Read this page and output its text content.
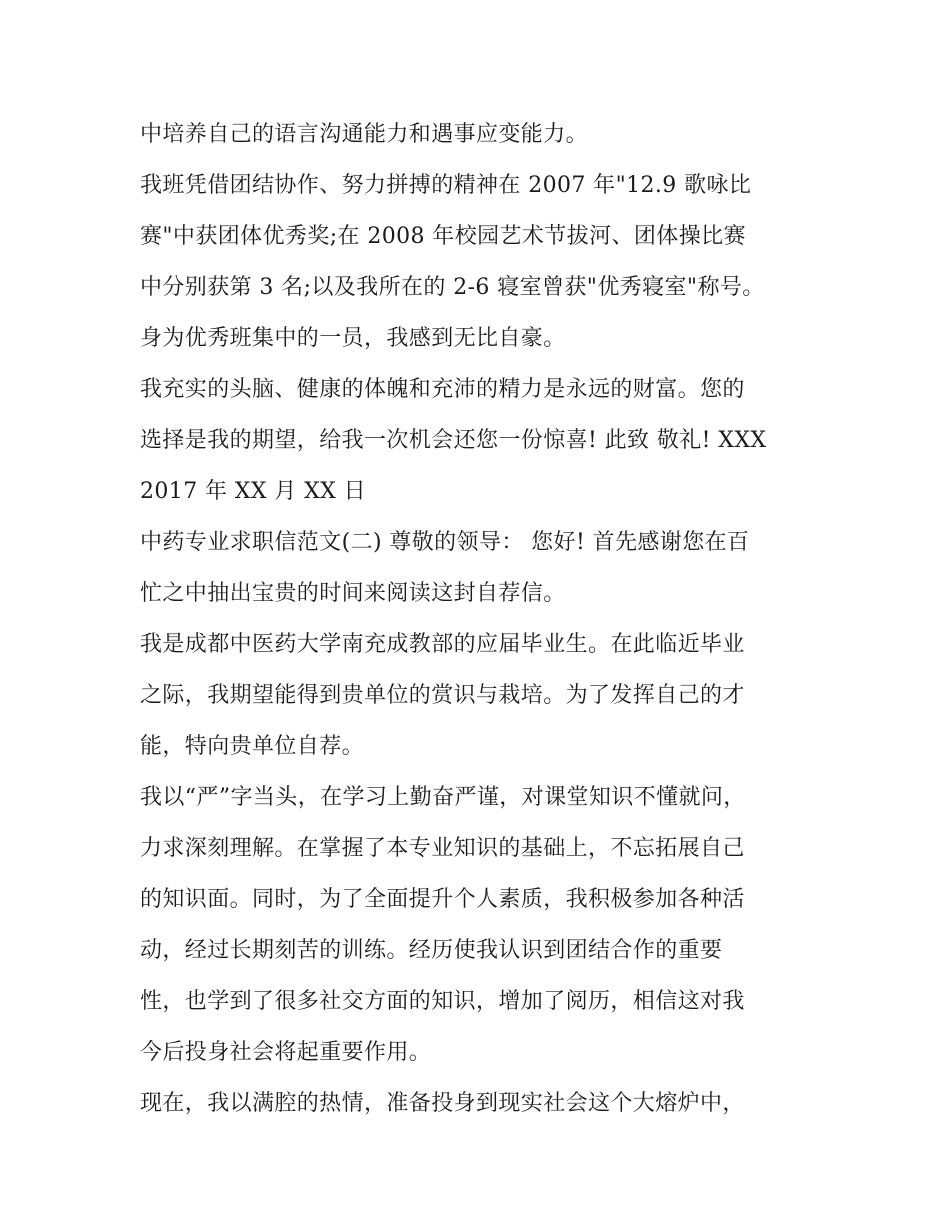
中培养自己的语言沟通能力和遇事应变能力。
我班凭借团结协作、努力拼搏的精神在 2007 年"12.9 歌咏比
赛"中获团体优秀奖;在 2008 年校园艺术节拔河、团体操比赛
中分别获第 3 名;以及我所在的 2-6 寝室曾获"优秀寝室"称号。
身为优秀班集中的一员，我感到无比自豪。
我充实的头脑、健康的体魄和充沛的精力是永远的财富。您的
选择是我的期望，给我一次机会还您一份惊喜! 此致 敬礼! XXX
2017 年 XX 月 XX 日
中药专业求职信范文(二) 尊敬的领导： 您好! 首先感谢您在百
忙之中抽出宝贵的时间来阅读这封自荐信。
我是成都中医药大学南充成教部的应届毕业生。在此临近毕业
之际，我期望能得到贵单位的赏识与栽培。为了发挥自己的才
能，特向贵单位自荐。
我以“严”字当头，在学习上勤奋严谨，对课堂知识不懂就问，
力求深刻理解。在掌握了本专业知识的基础上，不忘拓展自己
的知识面。同时，为了全面提升个人素质，我积极参加各种活
动，经过长期刻苦的训练。经历使我认识到团结合作的重要
性，也学到了很多社交方面的知识，增加了阅历，相信这对我
今后投身社会将起重要作用。
现在，我以满腔的热情，准备投身到现实社会这个大熔炉中，
